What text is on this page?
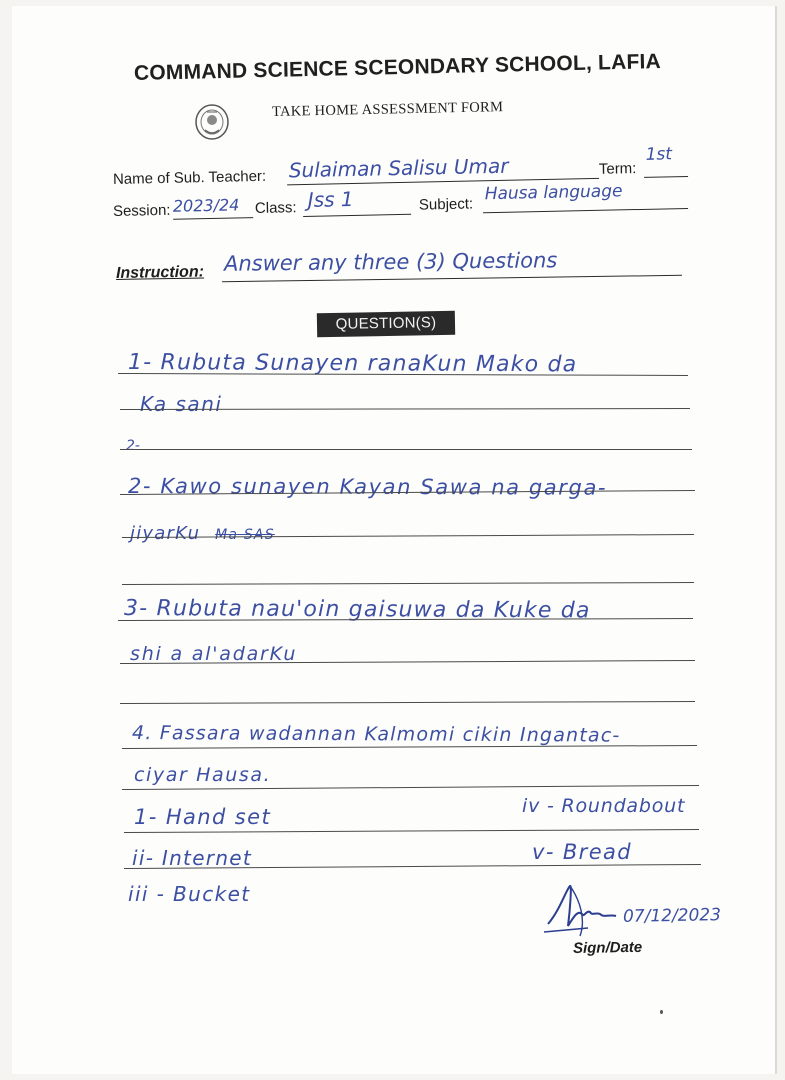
COMMAND SCIENCE SCEONDARY SCHOOL, LAFIA
TAKE HOME ASSESSMENT FORM
Name of Sub. Teacher: Sulaiman Salisu Umar	Term:
1st
Session: 2023/24 Class: Jss 1	Subject:
Hausa language
Instruction: Answer any three (3) Questions
QUESTION(S)
1- Rubuta Sunayen ranaKun Mako da
Ka sani
2-
2- Kawo sunayen Kayan Sawa na garga-
jiyarKu Ma SAS
3- Rubuta nau'oin gaisuwa da Kuke da
shi a al'adarKu
4. Fassara wadannan Kalmomi cikin Ingantac-
ciyar Hausa.
1- Hand set	iv - Roundabout
ii- Internet	v- Bread
iii - Bucket
07/12/2023
Sign/Date
